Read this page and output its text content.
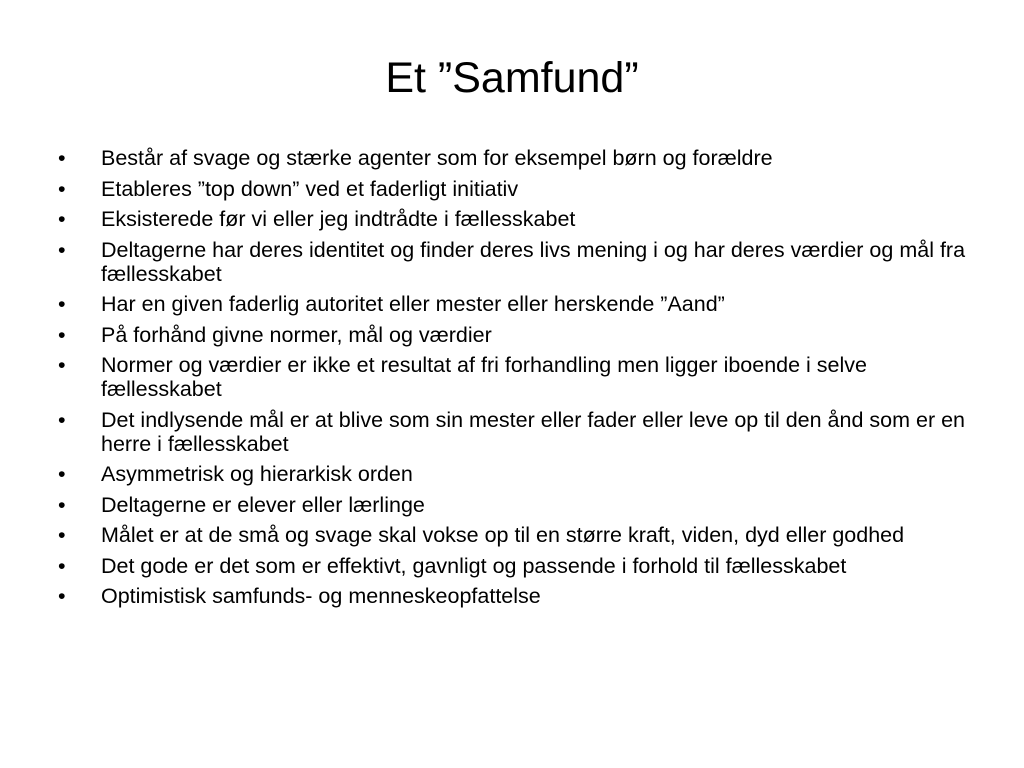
Et ”Samfund”
•	Består af svage og stærke agenter som for eksempel børn og forældre
•	Etableres ”top down” ved et faderligt initiativ
•	Eksisterede før vi eller jeg indtrådte i fællesskabet
•	Deltagerne har deres identitet og finder deres livs mening i og har deres værdier og mål fra fællesskabet
•	Har en given faderlig autoritet eller mester eller herskende ”Aand”
•	På forhånd givne normer, mål og værdier
•	Normer og værdier er ikke et resultat af fri forhandling men ligger iboende i selve fællesskabet
•	Det indlysende mål er at blive som sin mester eller fader eller leve op til den ånd som er en herre i fællesskabet
•	Asymmetrisk og hierarkisk orden
•	Deltagerne er elever eller lærlinge
•	Målet er at de små og svage skal vokse op til en større kraft, viden, dyd eller godhed
•	Det gode er det som er effektivt, gavnligt og passende i forhold til fællesskabet
•	Optimistisk samfunds- og menneskeopfattelse
